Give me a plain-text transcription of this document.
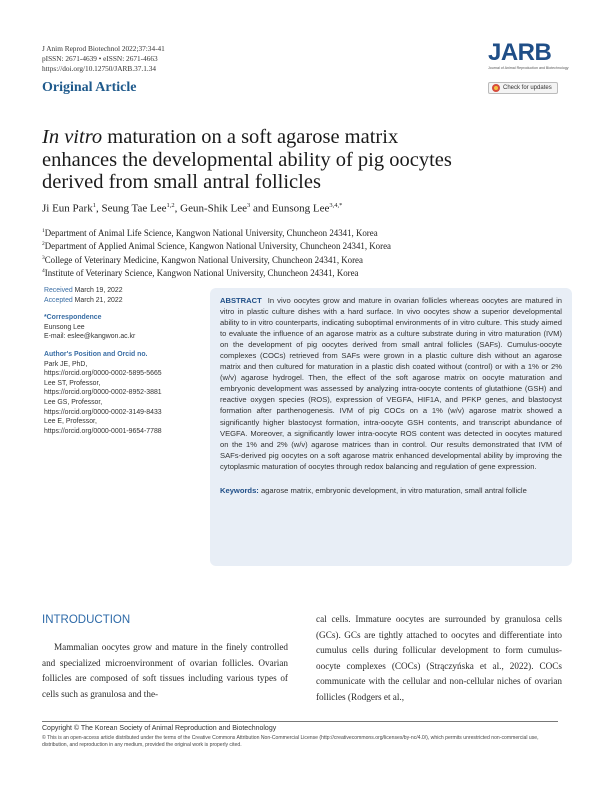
J Anim Reprod Biotechnol 2022;37:34-41
pISSN: 2671-4639 • eISSN: 2671-4663
https://doi.org/10.12750/JARB.37.1.34
Original Article
JARB
Journal of Animal Reproduction and Biotechnology
Check for updates
In vitro maturation on a soft agarose matrix
enhances the developmental ability of pig oocytes
derived from small antral follicles
Ji Eun Park$^1$, Seung Tae Lee$^{1,2}$, Geun-Shik Lee$^3$ and Eunsong Lee$^{3,4,*}$
$^1$Department of Animal Life Science, Kangwon National University, Chuncheon 24341, Korea
$^2$Department of Applied Animal Science, Kangwon National University, Chuncheon 24341, Korea
$^3$College of Veterinary Medicine, Kangwon National University, Chuncheon 24341, Korea
$^4$Institute of Veterinary Science, Kangwon National University, Chuncheon 24341, Korea
Received March 19, 2022
Accepted March 21, 2022
*Correspondence
Eunsong Lee
E-mail: eslee@kangwon.ac.kr
Author's Position and Orcid no.
Park JE, PhD,
https://orcid.org/0000-0002-5895-5665
Lee ST, Professor,
https://orcid.org/0000-0002-8952-3881
Lee GS, Professor,
https://orcid.org/0000-0002-3149-8433
Lee E, Professor,
https://orcid.org/0000-0001-9654-7788

ABSTRACT In vivo oocytes grow and mature in ovarian follicles whereas oocytes are matured in vitro in plastic culture dishes with a hard surface. In vivo oocytes show a superior developmental ability to in vitro counterparts, indicating suboptimal environments of in vitro culture. This study aimed to evaluate the influence of an agarose matrix as a culture substrate during in vitro maturation (IVM) on the development of pig oocytes derived from small antral follicles (SAFs). Cumulus-oocyte complexes (COCs) retrieved from SAFs were grown in a plastic culture dish without an agarose matrix and then cultured for maturation in a plastic dish coated without (control) or with a 1% or 2% (w/v) agarose hydrogel. Then, the effect of the soft agarose matrix on oocyte maturation and embryonic development was assessed by analyzing intra-oocyte contents of glutathione (GSH) and reactive oxygen species (ROS), expression of VEGFA, HIF1A, and PFKP genes, and blastocyst formation after parthenogenesis. IVM of pig COCs on a 1% (w/v) agarose matrix showed a significantly higher blastocyst formation, intra-oocyte GSH contents, and transcript abundance of VEGFA. Moreover, a significantly lower intra-oocyte ROS content was detected in oocytes matured on the 1% and 2% (w/v) agarose matrices than in control. Our results demonstrated that IVM of SAFs-derived pig oocytes on a soft agarose matrix enhanced developmental ability by improving the cytoplasmic maturation of oocytes through redox balancing and regulation of gene expression.

Keywords: agarose matrix, embryonic development, in vitro maturation, small antral follicle

INTRODUCTION

Mammalian oocytes grow and mature in the finely controlled and specialized microenvironment of ovarian follicles. Ovarian follicles are composed of soft tissues including various types of cells such as granulosa and the-

cal cells. Immature oocytes are surrounded by granulosa cells (GCs). GCs are tightly attached to oocytes and differentiate into cumulus cells during follicular development to form cumulus-oocyte complexes (COCs) (Strączyńska et al., 2022). COCs communicate with the cellular and non-cellular niches of ovarian follicles (Rodgers et al.,
Copyright © The Korean Society of Animal Reproduction and Biotechnology
© This is an open-access article distributed under the terms of the Creative Commons Attribution Non-Commercial License (http://creativecommons.org/licenses/by-nc/4.0/), which permits unrestricted non-commercial use, distribution, and reproduction in any medium, provided the original work is properly cited.
